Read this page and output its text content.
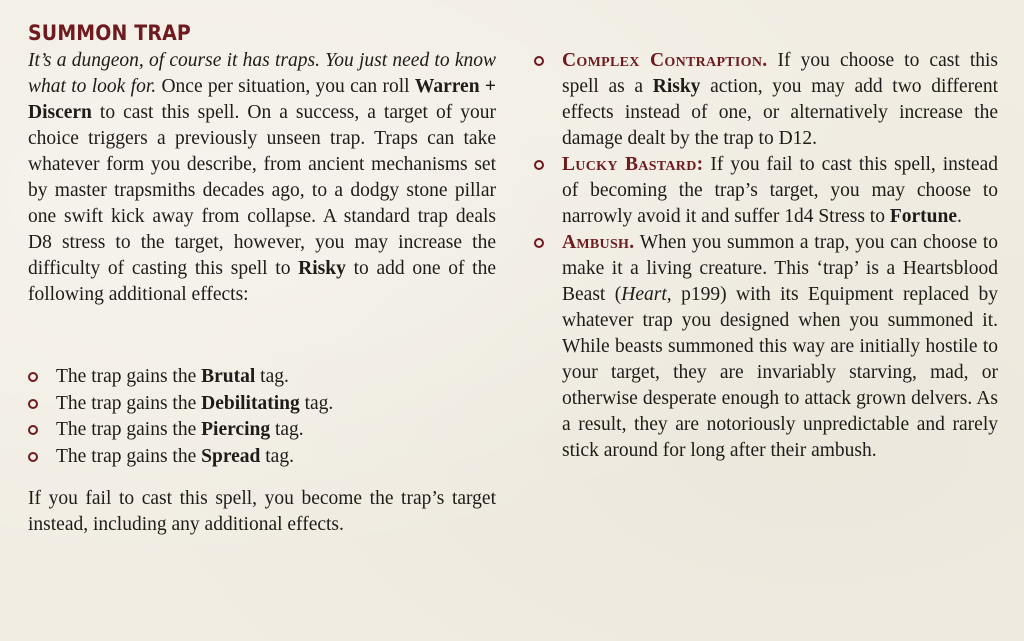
SUMMON TRAP

It’s a dungeon, of course it has traps. You just need to know what to look for. Once per situation, you can roll Warren + Discern to cast this spell. On a success, a target of your choice triggers a previously unseen trap. Traps can take whatever form you describe, from ancient mechanisms set by master trapsmiths decades ago, to a dodgy stone pillar one swift kick away from collapse. A standard trap deals D8 stress to the target, however, you may increase the difficulty of casting this spell to Risky to add one of the following additional effects:

The trap gains the Brutal tag.
The trap gains the Debilitating tag.
The trap gains the Piercing tag.
The trap gains the Spread tag.

If you fail to cast this spell, you become the trap’s target instead, including any additional effects.

Complex Contraption. If you choose to cast this spell as a Risky action, you may add two different effects instead of one, or alternatively increase the damage dealt by the trap to D12.

Lucky Bastard: If you fail to cast this spell, instead of becoming the trap’s target, you may choose to narrowly avoid it and suffer 1d4 Stress to Fortune.

Ambush. When you summon a trap, you can choose to make it a living creature. This ‘trap’ is a Heartsblood Beast (Heart, p199) with its Equipment replaced by whatever trap you designed when you summoned it. While beasts summoned this way are initially hostile to your target, they are invariably starving, mad, or otherwise desperate enough to attack grown delvers. As a result, they are notoriously unpredictable and rarely stick around for long after their ambush.
